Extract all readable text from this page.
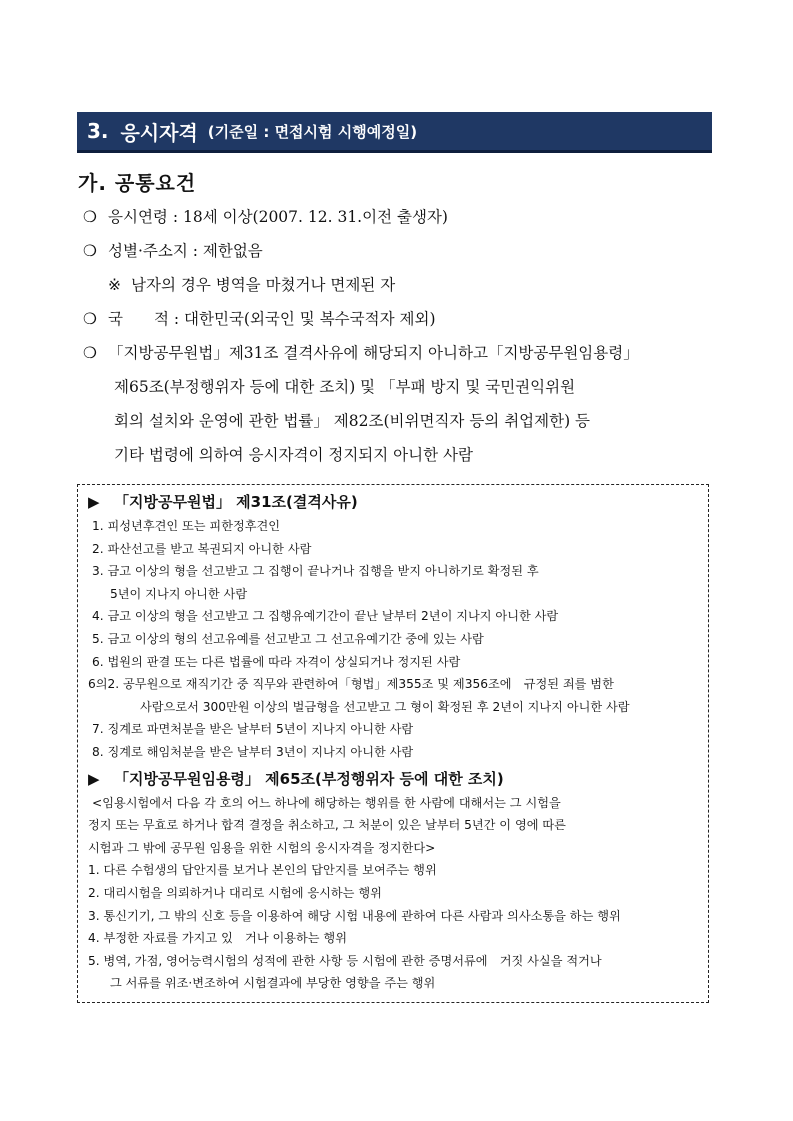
3. 응시자격 (기준일 : 면접시험 시행예정일)
가. 공통요건
❍ 응시연령 : 18세 이상(2007. 12. 31.이전 출생자)
❍ 성별·주소지 : 제한없음
※ 남자의 경우 병역을 마쳤거나 면제된 자
❍ 국　　적 : 대한민국(외국인 및 복수국적자 제외)
❍ 「지방공무원법」제31조 결격사유에 해당되지 아니하고「지방공무원임용령」
제65조(부정행위자 등에 대한 조치) 및 「부패 방지 및 국민권익위원
회의 설치와 운영에 관한 법률」 제82조(비위면직자 등의 취업제한) 등
기타 법령에 의하여 응시자격이 정지되지 아니한 사람

▶ 「지방공무원법」 제31조(결격사유)

1. 피성년후견인 또는 피한정후견인
2. 파산선고를 받고 복권되지 아니한 사람
3. 금고 이상의 형을 선고받고 그 집행이 끝나거나 집행을 받지 아니하기로 확정된 후
5년이 지나지 아니한 사람
4. 금고 이상의 형을 선고받고 그 집행유예기간이 끝난 날부터 2년이 지나지 아니한 사람
5. 금고 이상의 형의 선고유예를 선고받고 그 선고유예기간 중에 있는 사람
6. 법원의 판결 또는 다른 법률에 따라 자격이 상실되거나 정지된 사람
6의2. 공무원으로 재직기간 중 직무와 관련하여「형법」제355조 및 제356조에　규정된 죄를 범한
사람으로서 300만원 이상의 벌금형을 선고받고 그 형이 확정된 후 2년이 지나지 아니한 사람
7. 징계로 파면처분을 받은 날부터 5년이 지나지 아니한 사람
8. 징계로 해임처분을 받은 날부터 3년이 지나지 아니한 사람

▶ 「지방공무원임용령」 제65조(부정행위자 등에 대한 조치)

<임용시험에서 다음 각 호의 어느 하나에 해당하는 행위를 한 사람에 대해서는 그 시험을
정지 또는 무효로 하거나 합격 결정을 취소하고, 그 처분이 있은 날부터 5년간 이 영에 따른
시험과 그 밖에 공무원 임용을 위한 시험의 응시자격을 정지한다>
1. 다른 수험생의 답안지를 보거나 본인의 답안지를 보여주는 행위
2. 대리시험을 의뢰하거나 대리로 시험에 응시하는 행위
3. 통신기기, 그 밖의 신호 등을 이용하여 해당 시험 내용에 관하여 다른 사람과 의사소통을 하는 행위
4. 부정한 자료를 가지고 있　거나 이용하는 행위
5. 병역, 가점, 영어능력시험의 성적에 관한 사항 등 시험에 관한 증명서류에　거짓 사실을 적거나
그 서류를 위조·변조하여 시험결과에 부당한 영향을 주는 행위
